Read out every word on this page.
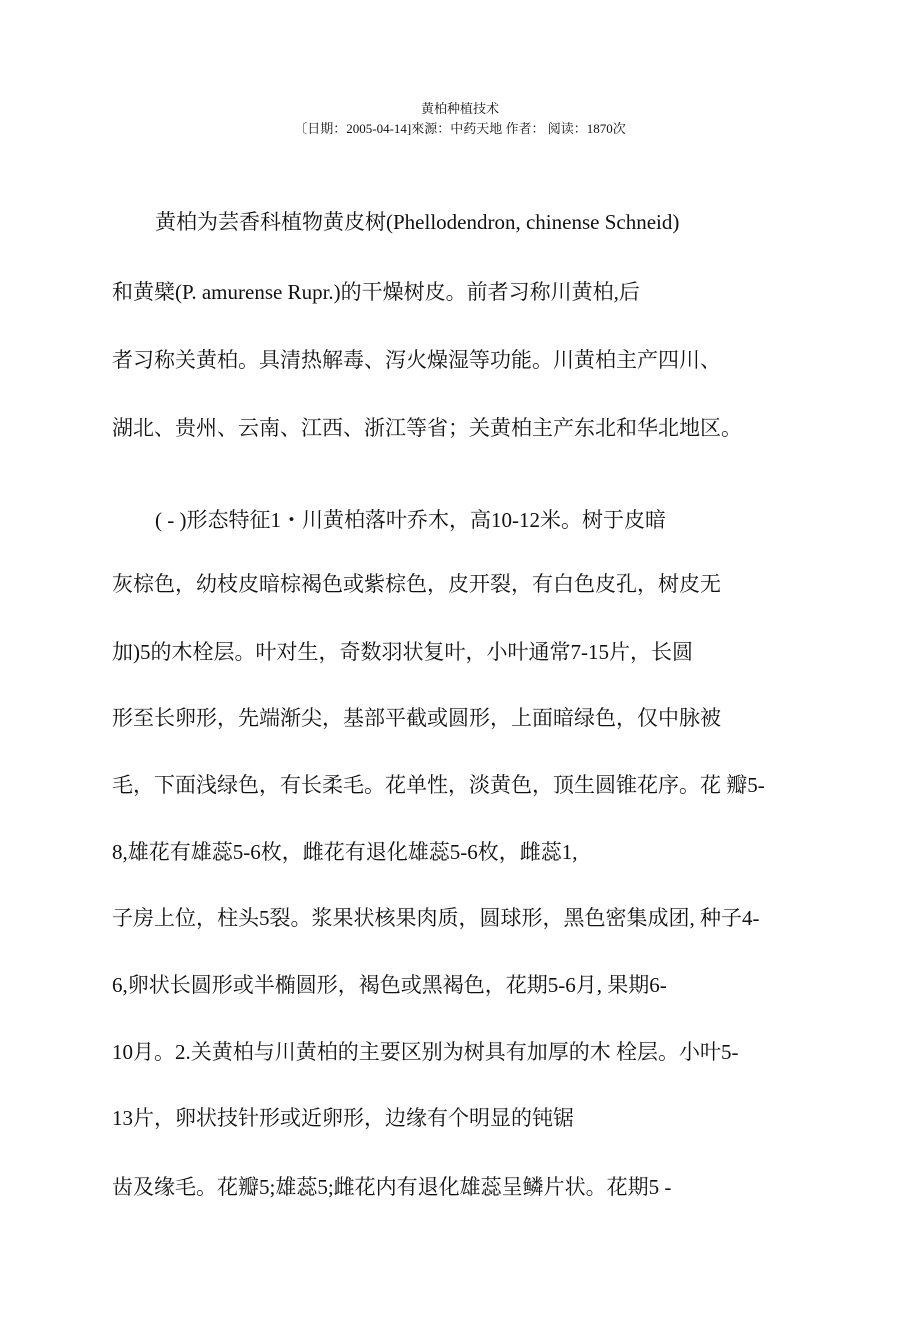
黄柏种植技术
〔日期：2005-04-14]來源：中药天地 作者： 阅读：1870次
黄柏为芸香科植物黄皮树(Phellodendron, chinense Schneid)
和黄檗(P. amurense Rupr.)的干燥树皮。前者习称川黄柏,后
者习称关黄柏。具清热解毒、泻火燥湿等功能。川黄柏主产四川、
湖北、贵州、云南、江西、浙江等省；关黄柏主产东北和华北地区。
( - )形态特征1・川黄柏落叶乔木，高10-12米。树于皮暗
灰棕色，幼枝皮暗棕褐色或紫棕色，皮开裂，有白色皮孔，树皮无
加)5的木栓层。叶对生，奇数羽状复叶，小叶通常7-15片，长圆
形至长卵形，先端渐尖，基部平截或圆形，上面暗绿色，仅中脉被
毛，下面浅绿色，有长柔毛。花单性，淡黄色，顶生圆锥花序。花 瓣5-
8,雄花有雄蕊5-6枚，雌花有退化雄蕊5-6枚，雌蕊1,
子房上位，柱头5裂。浆果状核果肉质，圆球形，黑色密集成团, 种子4-
6,卵状长圆形或半椭圆形，褐色或黑褐色，花期5-6月, 果期6-
10月。2.关黄柏与川黄柏的主要区别为树具有加厚的木 栓层。小叶5-
13片，卵状技针形或近卵形，边缘有个明显的钝锯
齿及缘毛。花瓣5;雄蕊5;雌花内有退化雄蕊呈鳞片状。花期5 -
